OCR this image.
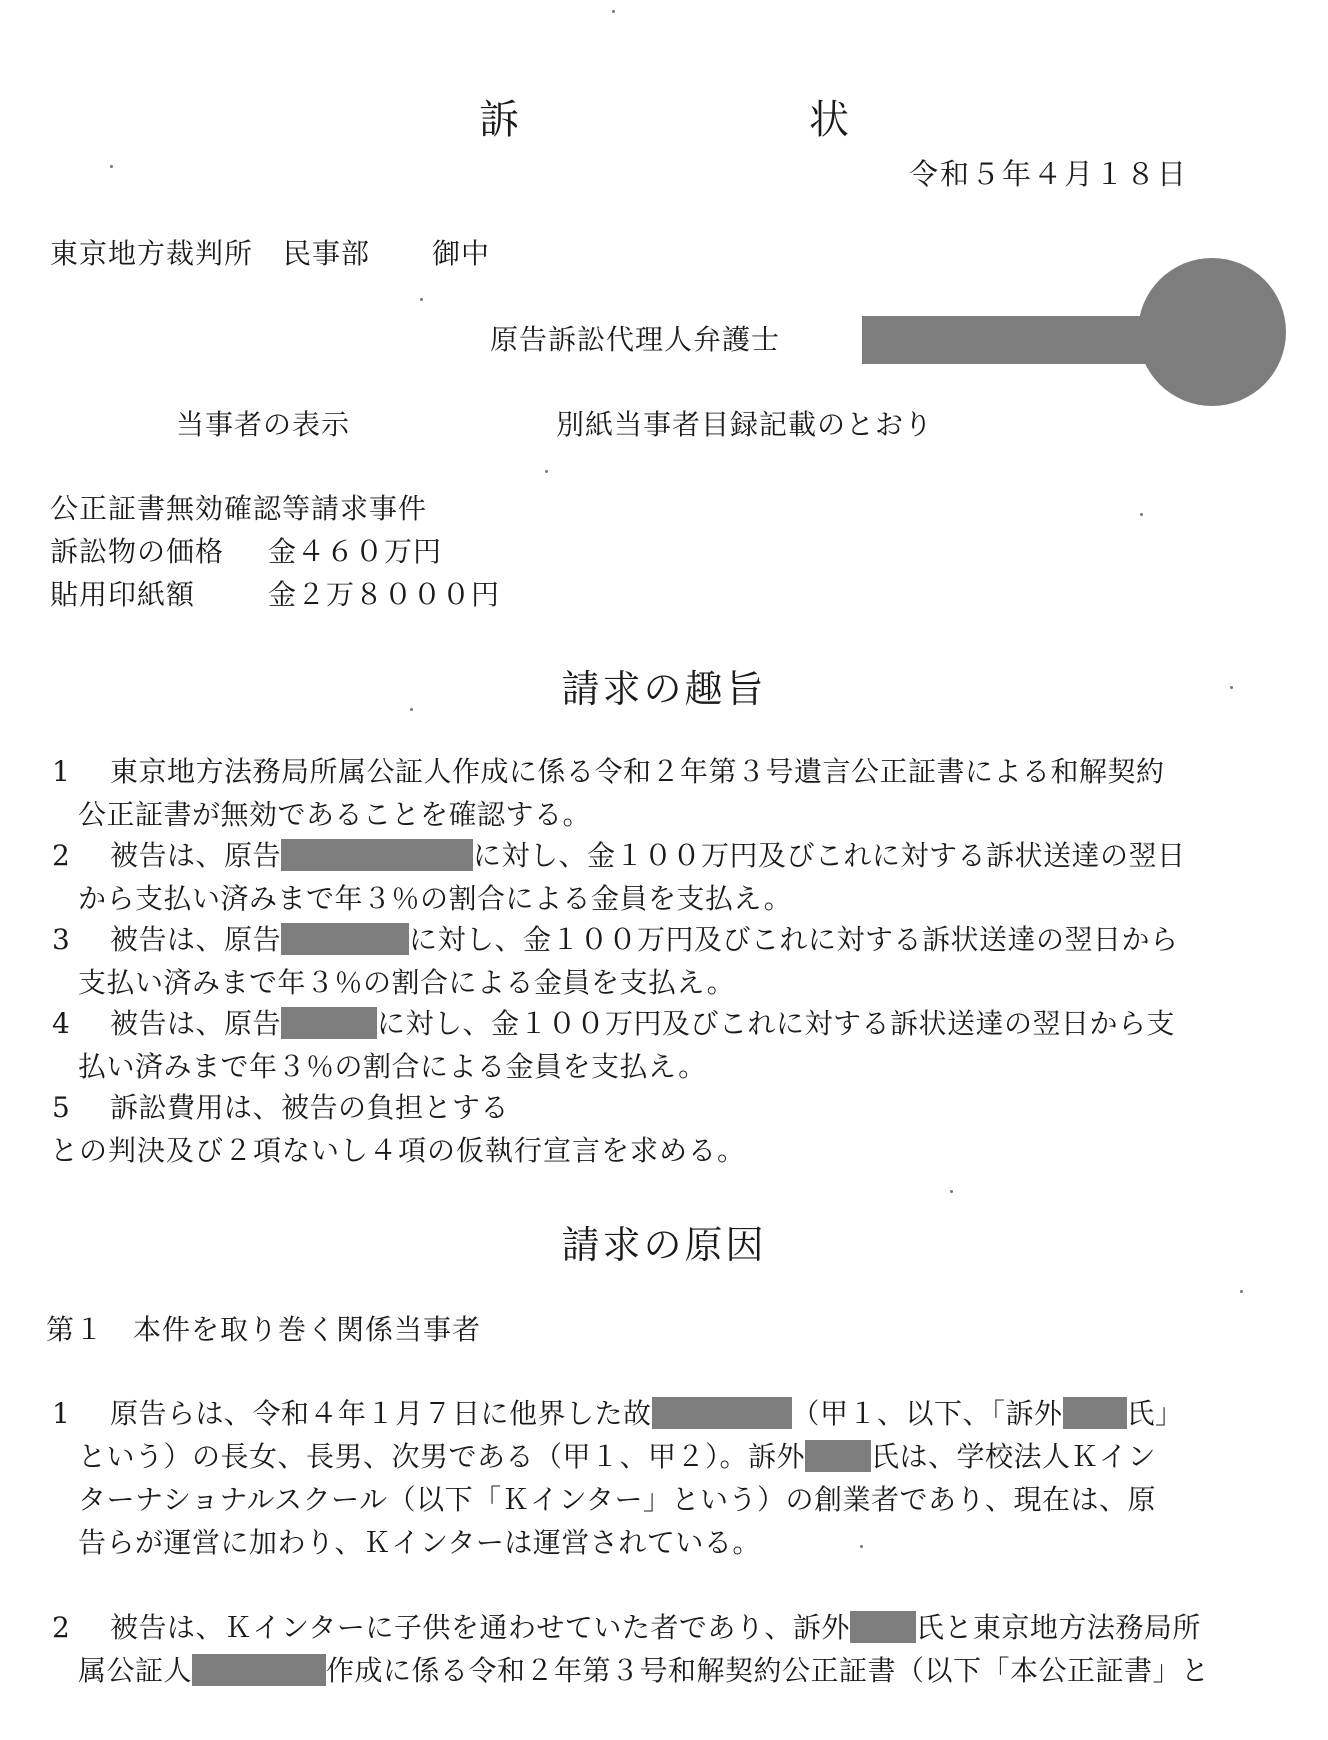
訴　　状
令和５年４月１８日
東京地方裁判所 民事部 御中
原告訴訟代理人弁護士
当事者の表示	別紙当事者目録記載のとおり
公正証書無効確認等請求事件
訴訟物の価格 金４６０万円
貼用印紙額	金２万８０００円
請求の趣旨
1	東京地方法務局所属公証人作成に係る令和２年第３号遺言公正証書による和解契約
公正証書が無効であることを確認する。
2	被告は、原告	に対し、金１００万円及びこれに対する訴状送達の翌日
から支払い済みまで年３％の割合による金員を支払え。
3	被告は、原告	に対し、金１００万円及びこれに対する訴状送達の翌日から
支払い済みまで年３％の割合による金員を支払え。
4	被告は、原告	に対し、金１００万円及びこれに対する訴状送達の翌日から支
払い済みまで年３％の割合による金員を支払え。
5	訴訟費用は、被告の負担とする
との判決及び２項ないし４項の仮執行宣言を求める。
請求の原因
第１　本件を取り巻く関係当事者
1	原告らは、令和４年１月７日に他界した故	（甲１、以下、「訴外 氏」
という）の長女、長男、次男である（甲１、甲２）。訴外 氏は、学校法人Ｋイン
ターナショナルスクール（以下「Ｋインター」という）の創業者であり、現在は、原
告らが運営に加わり、Ｋインターは運営されている。
2	被告は、Ｋインターに子供を通わせていた者であり、訴外 氏と東京地方法務局所
属公証人	作成に係る令和２年第３号和解契約公正証書（以下「本公正証書」と
